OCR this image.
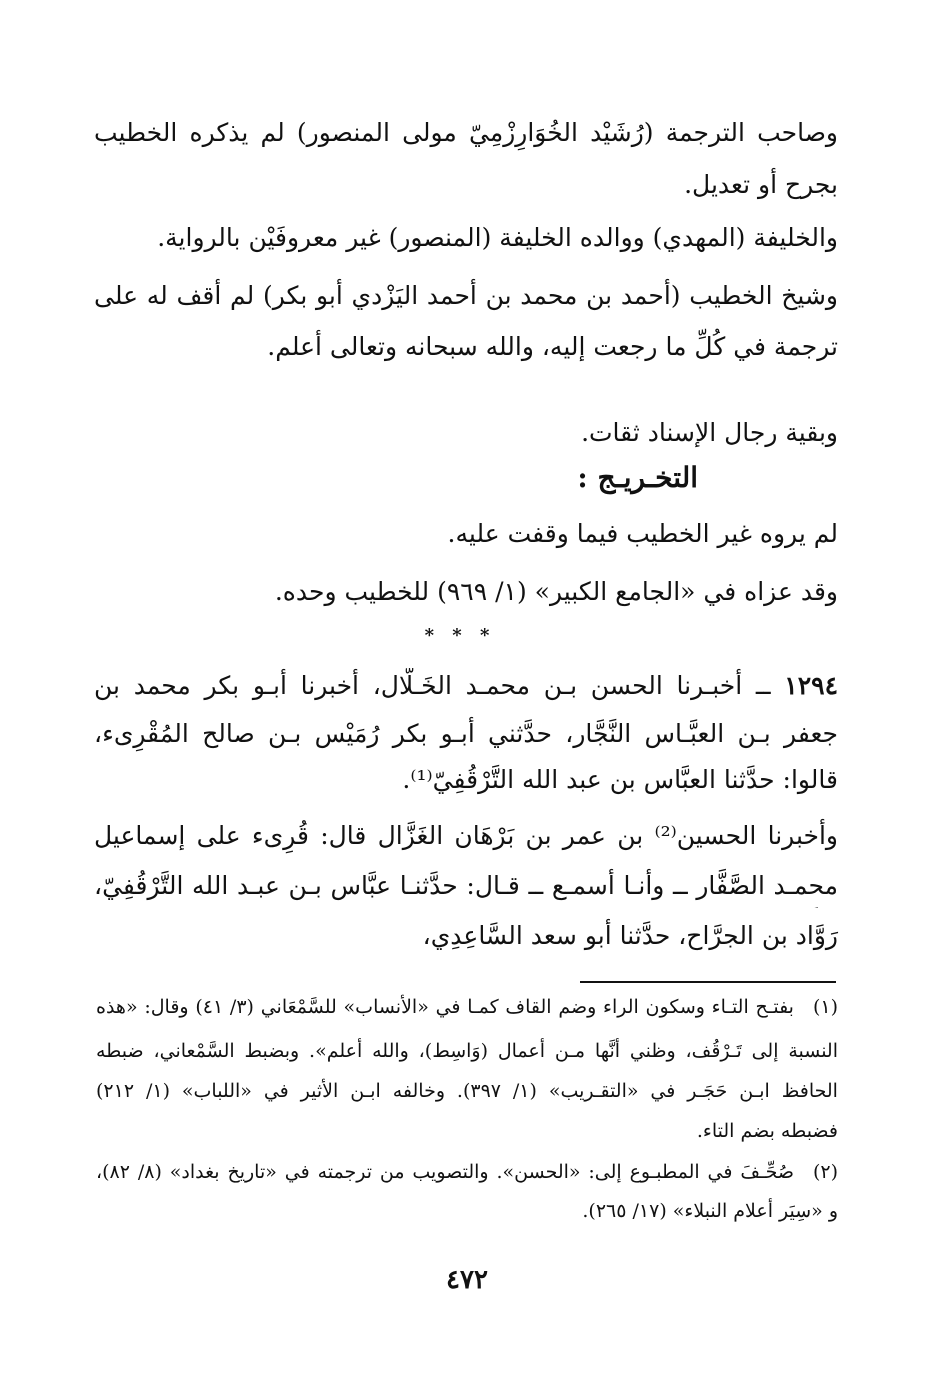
وصاحب الترجمة (رُشَيْد الخُوَارِزْمِيّ مولى المنصور) لم يذكره الخطيب
بجرح أو تعديل.
والخليفة (المهدي) ووالده الخليفة (المنصور) غير معروفَيْن بالرواية.
وشيخ الخطيب (أحمد بن محمد بن أحمد اليَزْدي أبو بكر) لم أقف له على
ترجمة في كُلِّ ما رجعت إليه، والله سبحانه وتعالى أعلم.
وبقية رجال الإسناد ثقات.
التخـريـج :
لم يروه غير الخطيب فيما وقفت عليه.
وقد عزاه في «الجامع الكبير» (١/ ٩٦٩) للخطيب وحده.
* * *
١٢٩٤ ــ أخبـرنا الحسن بـن محمـد الخَـلَّال، أخبرنا أبـو بكر محمد بن
جعفر بـن العبَّـاس النَّجَّار، حدَّثني أبـو بكر رُمَيْس بـن صالح المُقْرِىء،
قالوا: حدَّثنا العبَّاس بن عبد الله التَّرْقُفِيّ⁽¹⁾.
وأخبرنا الحسين⁽²⁾ بن عمر بن بَرْهَان الغَزَّال قال: قُرِىء على إسماعيل
محمـد الصَّفَّار ــ وأنـا أسمـع ــ قـال: حدَّثنـا عبَّاس بـن عبـد الله التَّرْقُفِيّ،
رَوَّاد بن الجرَّاح، حدَّثنا أبو سعد السَّاعِدِي،
(١)
بفتـح التـاء وسكون الراء وضم القاف كمـا في «الأنساب» للسَّمْعَاني (٣/ ٤١) وقال: «هذه
النسبة إلى تَـرْقُف، وظني أنَّها مـن أعمال (وَاسِط)، والله أعلم». وبضبط السَّمْعاني، ضبطه
الحافظ ابـن حَجَـر في «التقـريب» (١/ ٣٩٧). وخالفه ابـن الأثير في «اللباب» (١/ ٢١٢)
فضبطه بضم التاء.
(٢)
صُحِّـفَ في المطبـوع إلى: «الحسن». والتصويب من ترجمته في «تاريخ بغداد» (٨/ ٨٢)،
و «سِيَر أعلام النبلاء» (١٧/ ٢٦٥).
٤٧٢
